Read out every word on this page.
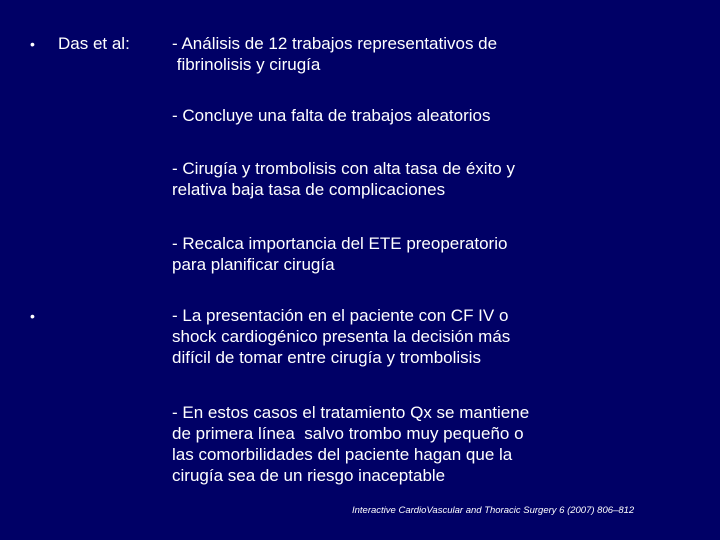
• Das et al: - Análisis de 12 trabajos representativos de
fibrinolisis y cirugía
- Concluye una falta de trabajos aleatorios
- Cirugía y trombolisis con alta tasa de éxito y
relativa baja tasa de complicaciones
- Recalca importancia del ETE preoperatorio
para planificar cirugía
•	- La presentación en el paciente con CF IV o
shock cardiogénico presenta la decisión más
difícil de tomar entre cirugía y trombolisis
- En estos casos el tratamiento Qx se mantiene
de primera línea  salvo trombo muy pequeño o
las comorbilidades del paciente hagan que la
cirugía sea de un riesgo inaceptable
Interactive CardioVascular and Thoracic Surgery 6 (2007) 806–812
